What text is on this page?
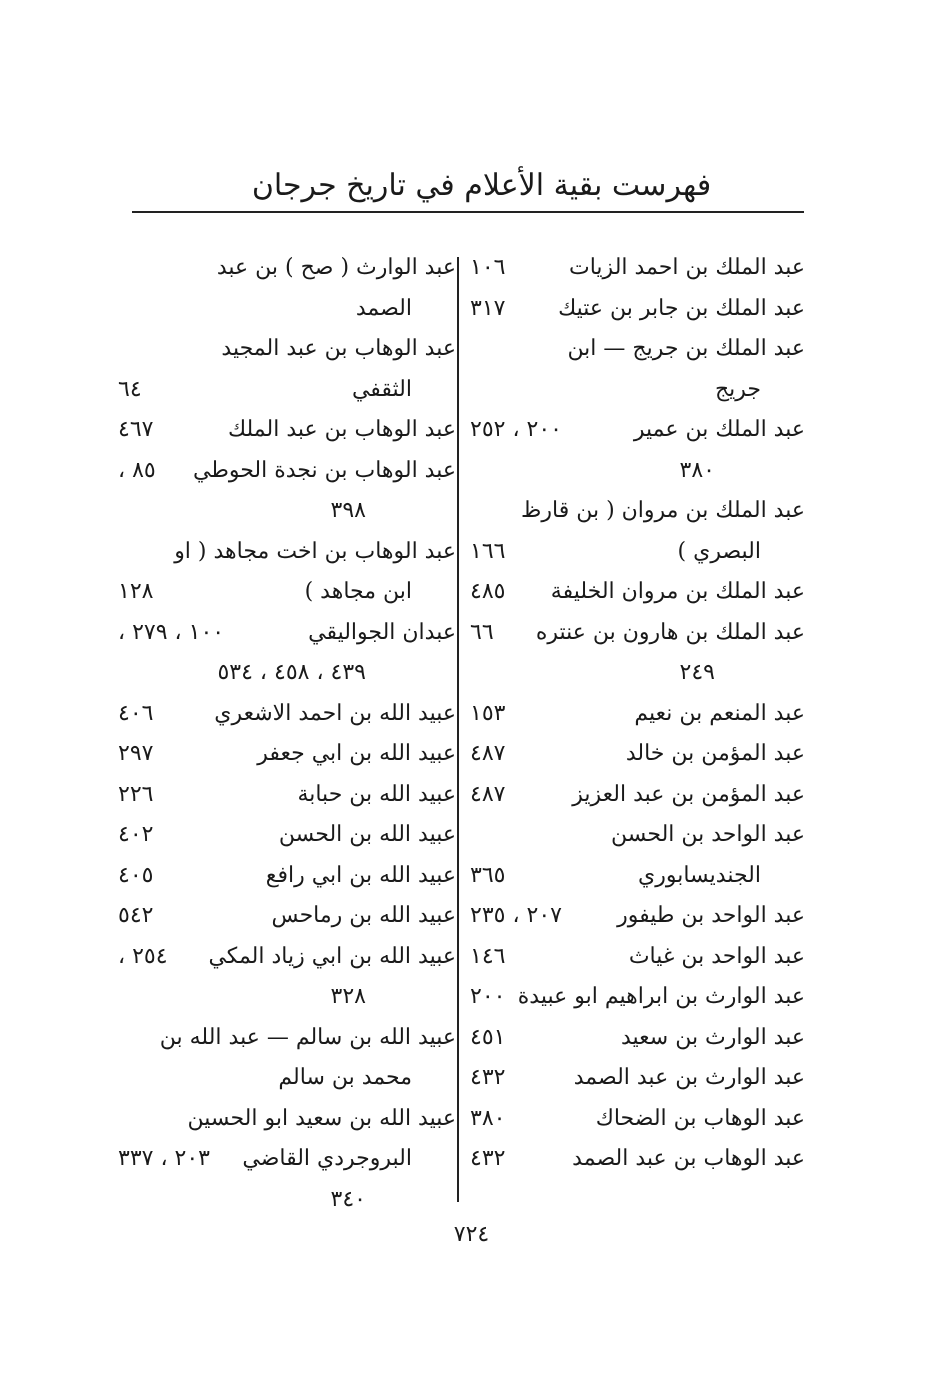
فهرست بقية الأعلام في تاريخ جرجان
عبد الملك بن احمد الزيات
١٠٦
عبد الملك بن جابر بن عتيك
٣١٧
عبد الملك بن جريج — ابن
جريج
عبد الملك بن عمير
٢٠٠ ، ٢٥٢
٣٨٠
عبد الملك بن مروان ( بن قارظ
البصري )
١٦٦
عبد الملك بن مروان الخليفة
٤٨٥
عبد الملك بن هارون بن عنتره
٦٦
٢٤٩
عبد المنعم بن نعيم
١٥٣
عبد المؤمن بن خالد
٤٨٧
عبد المؤمن بن عبد العزيز
٤٨٧
عبد الواحد بن الحسن
الجنديسابوري
٣٦٥
عبد الواحد بن طيفور
٢٠٧ ، ٢٣٥
عبد الواحد بن غياث
١٤٦
عبد الوارث بن ابراهيم ابو عبيدة
٢٠٠
عبد الوارث بن سعيد
٤٥١
عبد الوارث بن عبد الصمد
٤٣٢
عبد الوهاب بن الضحاك
٣٨٠
عبد الوهاب بن عبد الصمد
٤٣٢
عبد الوارث ( صح ) بن عبد
الصمد
عبد الوهاب بن عبد المجيد
الثقفي
٦٤
عبد الوهاب بن عبد الملك
٤٦٧
عبد الوهاب بن نجدة الحوطي
٨٥ ،
٣٩٨
عبد الوهاب بن اخت مجاهد ( او
ابن مجاهد )
١٢٨
عبدان الجواليقي
١٠٠ ، ٢٧٩ ،
٤٣٩ ، ٤٥٨ ، ٥٣٤
عبيد الله بن احمد الاشعري
٤٠٦
عبيد الله بن ابي جعفر
٢٩٧
عبيد الله بن حبابة
٢٢٦
عبيد الله بن الحسن
٤٠٢
عبيد الله بن ابي رافع
٤٠٥
عبيد الله بن رماحس
٥٤٢
عبيد الله بن ابي زياد المكي
٢٥٤ ،
٣٢٨
عبيد الله بن سالم — عبد الله بن
محمد بن سالم
عبيد الله بن سعيد ابو الحسين
البروجردي القاضي
٢٠٣ ، ٣٣٧
٣٤٠
٧٢٤
